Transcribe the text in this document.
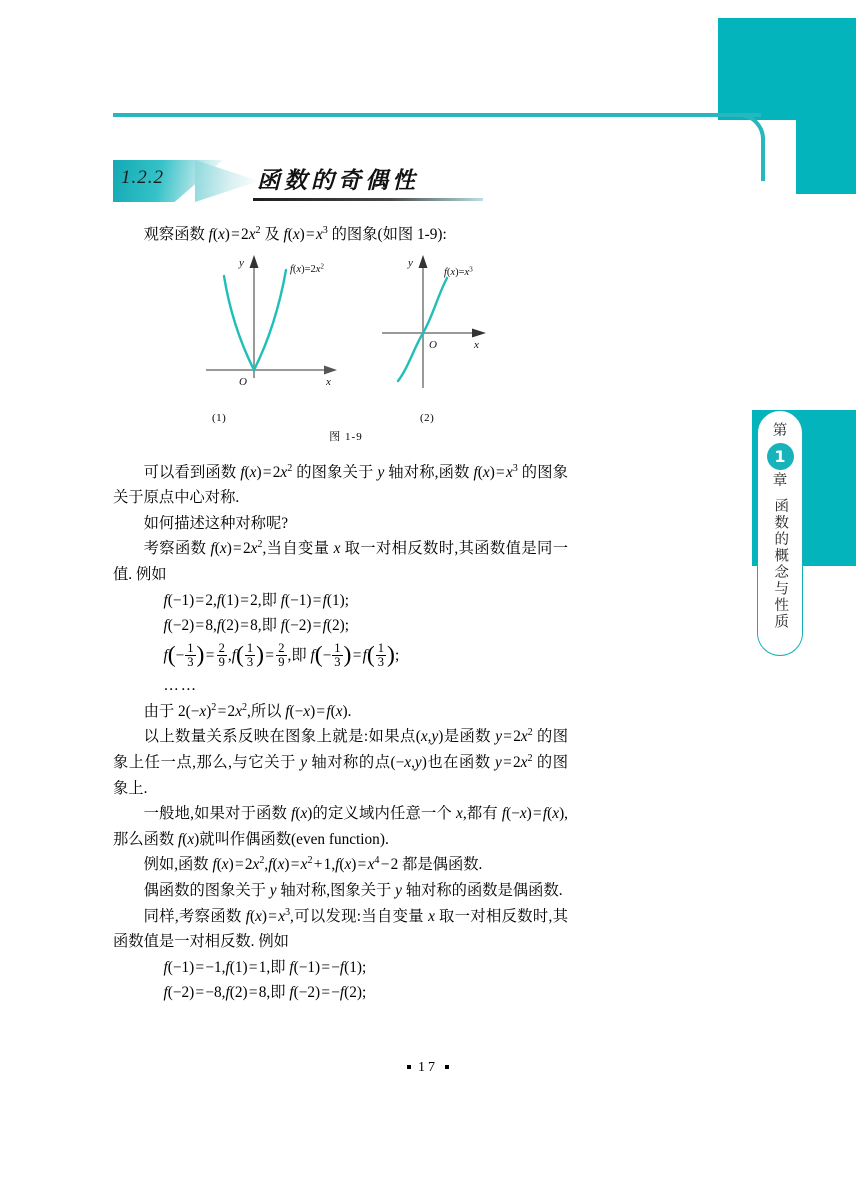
1.2.2	函数的奇偶性

观察函数 f(x) = $2x^2$ 及 f(x) = $x^3$ 的图象(如图 1-9):

可以看到函数 f(x) = $2x^2$ 的图象关于 y 轴对称,函数 f(x) = $x^3$ 的图象关于原点中心对称.

如何描述这种对称呢?

考察函数 f(x) = $2x^2$,当自变量 x 取一对相反数时,其函数值是同一值. 例如

f(−1) = 2,f(1) = 2,即 f(−1) = f(1);

f(−2) = 8,f(2) = 8,即 f(−2) = f(2);

$f(- \frac{1}{3}$ ) =  $\frac{2}{9} ,f( \frac{1}{3}$ ) =  $\frac{2}{9}$ ,即 $f(- \frac{1}{3}$ ) = $f( \frac{1}{3}$ );

……

由于 $2(-x)^2$ = $2x^2$,所以 f(−x) = f(x).

以上数量关系反映在图象上就是:如果点(x,y)是函数 y = $2x^2$ 的图象上任一点,那么,与它关于 y 轴对称的点(−x,y)也在函数 y = $2x^2$ 的图象上.

一般地,如果对于函数 f(x)的定义域内任意一个 x,都有 f(−x) = f(x),那么函数 f(x)就叫作偶函数(even function).

例如,函数 f(x) = $2x^2,f(x)$ = $x^2$ + 1,f(x) = $x^4$ − 2 都是偶函数.

偶函数的图象关于 y 轴对称,图象关于 y 轴对称的函数是偶函数.

同样,考察函数 f(x) = $x^3$,可以发现:当自变量 x 取一对相反数时,其函数值是一对相反数. 例如

f(−1) = −1,f(1) = 1,即 f(−1) = −f(1);

f(−2) = −8,f(2) = 8,即 f(−2) = −f(2);

y
x
O
$f(x)=2x^2$	y
x
O
$f(x)=x^3$
(1)	(2)
图 1-9	第
1
章
函数的概念与性质
17
